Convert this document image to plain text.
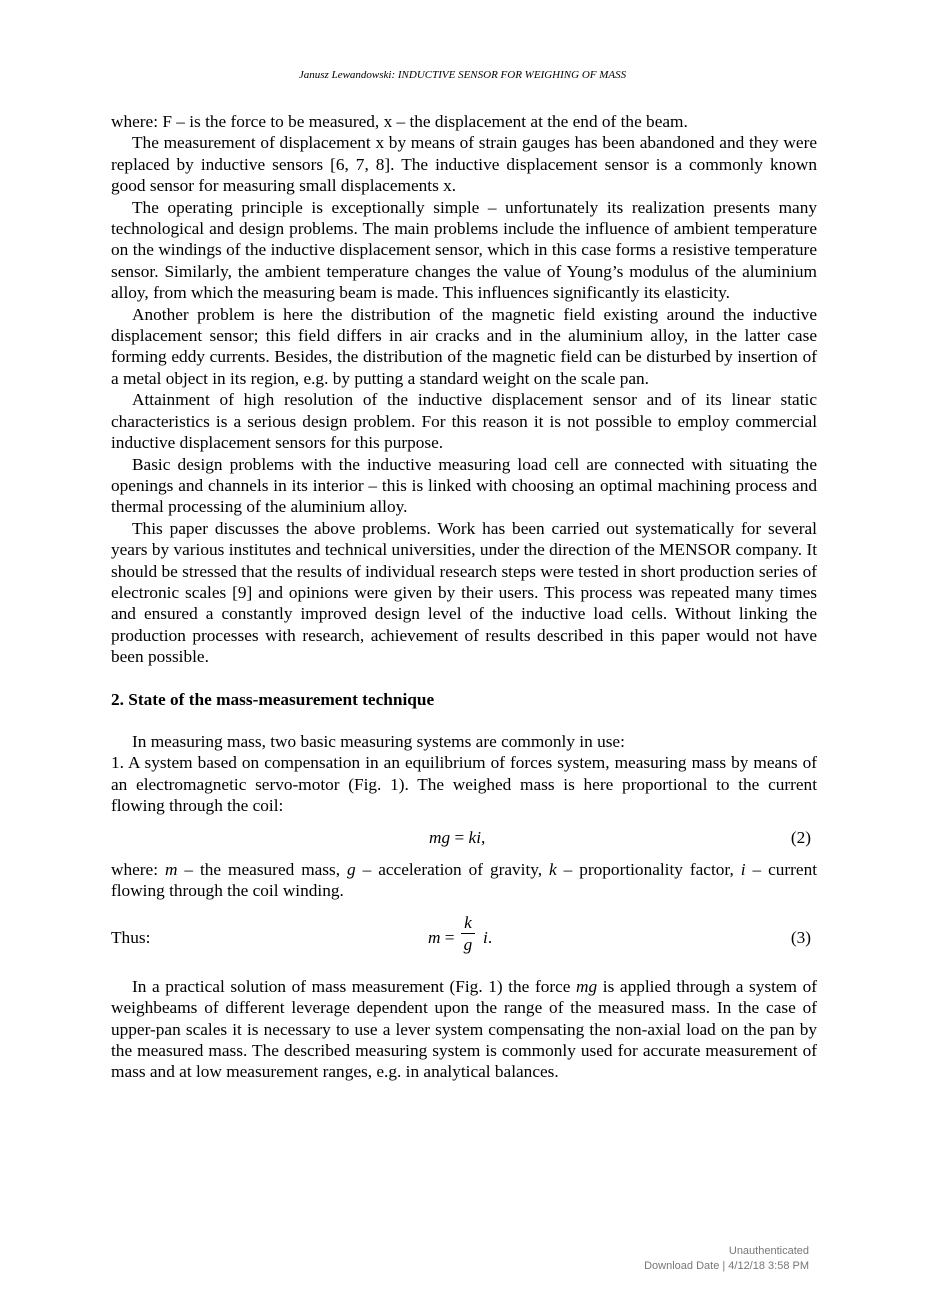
Janusz Lewandowski: INDUCTIVE SENSOR FOR WEIGHING OF MASS

where: F – is the force to be measured, x – the displacement at the end of the beam.

The measurement of displacement x by means of strain gauges has been abandoned and they were replaced by inductive sensors [6, 7, 8]. The inductive displacement sensor is a commonly known good sensor for measuring small displacements x.

The operating principle is exceptionally simple – unfortunately its realization presents many technological and design problems. The main problems include the influence of ambient temperature on the windings of the inductive displacement sensor, which in this case forms a resistive temperature sensor. Similarly, the ambient temperature changes the value of Young’s modulus of the aluminium alloy, from which the measuring beam is made. This influences significantly its elasticity.

Another problem is here the distribution of the magnetic field existing around the inductive displacement sensor; this field differs in air cracks and in the aluminium alloy, in the latter case forming eddy currents. Besides, the distribution of the magnetic field can be disturbed by insertion of a metal object in its region, e.g. by putting a standard weight on the scale pan.

Attainment of high resolution of the inductive displacement sensor and of its linear static characteristics is a serious design problem. For this reason it is not possible to employ commercial inductive displacement sensors for this purpose.

Basic design problems with the inductive measuring load cell are connected with situating the openings and channels in its interior – this is linked with choosing an optimal machining process and thermal processing of the aluminium alloy.

This paper discusses the above problems. Work has been carried out systematically for several years by various institutes and technical universities, under the direction of the MENSOR company. It should be stressed that the results of individual research steps were tested in short production series of electronic scales [9] and opinions were given by their users. This process was repeated many times and ensured a constantly improved design level of the inductive load cells. Without linking the production processes with research, achievement of results described in this paper would not have been possible.

2. State of the mass-measurement technique

In measuring mass, two basic measuring systems are commonly in use:

1. A system based on compensation in an equilibrium of forces system, measuring mass by means of an electromagnetic servo-motor (Fig. 1). The weighed mass is here proportional to the current flowing through the coil:

mg = ki,	(2)

where: m – the measured mass, g – acceleration of gravity, k – proportionality factor, i – current flowing through the coil winding.

Thus:	m =
k
g i.	(3)

In a practical solution of mass measurement (Fig. 1) the force mg is applied through a system of weighbeams of different leverage dependent upon the range of the measured mass. In the case of upper-pan scales it is necessary to use a lever system compensating the non-axial load on the pan by the measured mass. The described measuring system is commonly used for accurate measurement of mass and at low measurement ranges, e.g. in analytical balances.

Unauthenticated
Download Date | 4/12/18 3:58 PM
